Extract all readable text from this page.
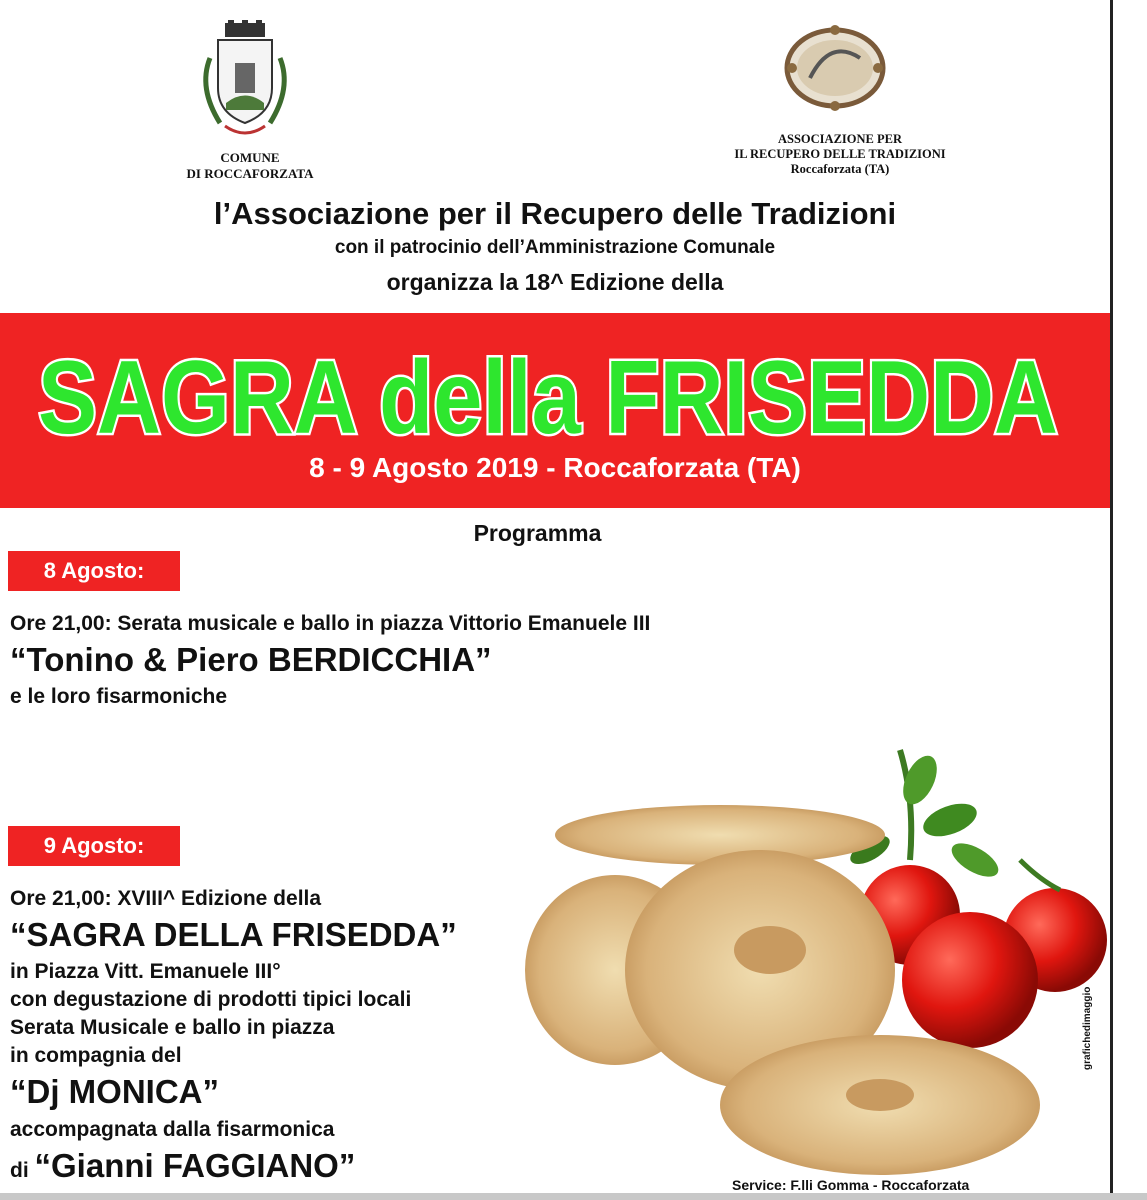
COMUNE
DI ROCCAFORZATA
ASSOCIAZIONE PER
IL RECUPERO DELLE TRADIZIONI
Roccaforzata (TA)
l’Associazione per il Recupero delle Tradizioni
con il patrocinio dell’Amministrazione Comunale
organizza la 18^ Edizione della
SAGRA della FRISEDDA
8 - 9 Agosto 2019 - Roccaforzata (TA)
Programma
8 Agosto:
Ore 21,00: Serata musicale e ballo in piazza Vittorio Emanuele III
“Tonino & Piero BERDICCHIA”
e le loro fisarmoniche
9 Agosto:
Ore 21,00: XVIII^ Edizione della
“SAGRA DELLA FRISEDDA”
in Piazza Vitt. Emanuele III°
con degustazione di prodotti tipici locali
Serata Musicale e ballo in piazza
in compagnia del
“Dj MONICA”
accompagnata dalla fisarmonica
di “Gianni FAGGIANO”
grafichedimaggio
Service: F.lli Gomma - Roccaforzata
